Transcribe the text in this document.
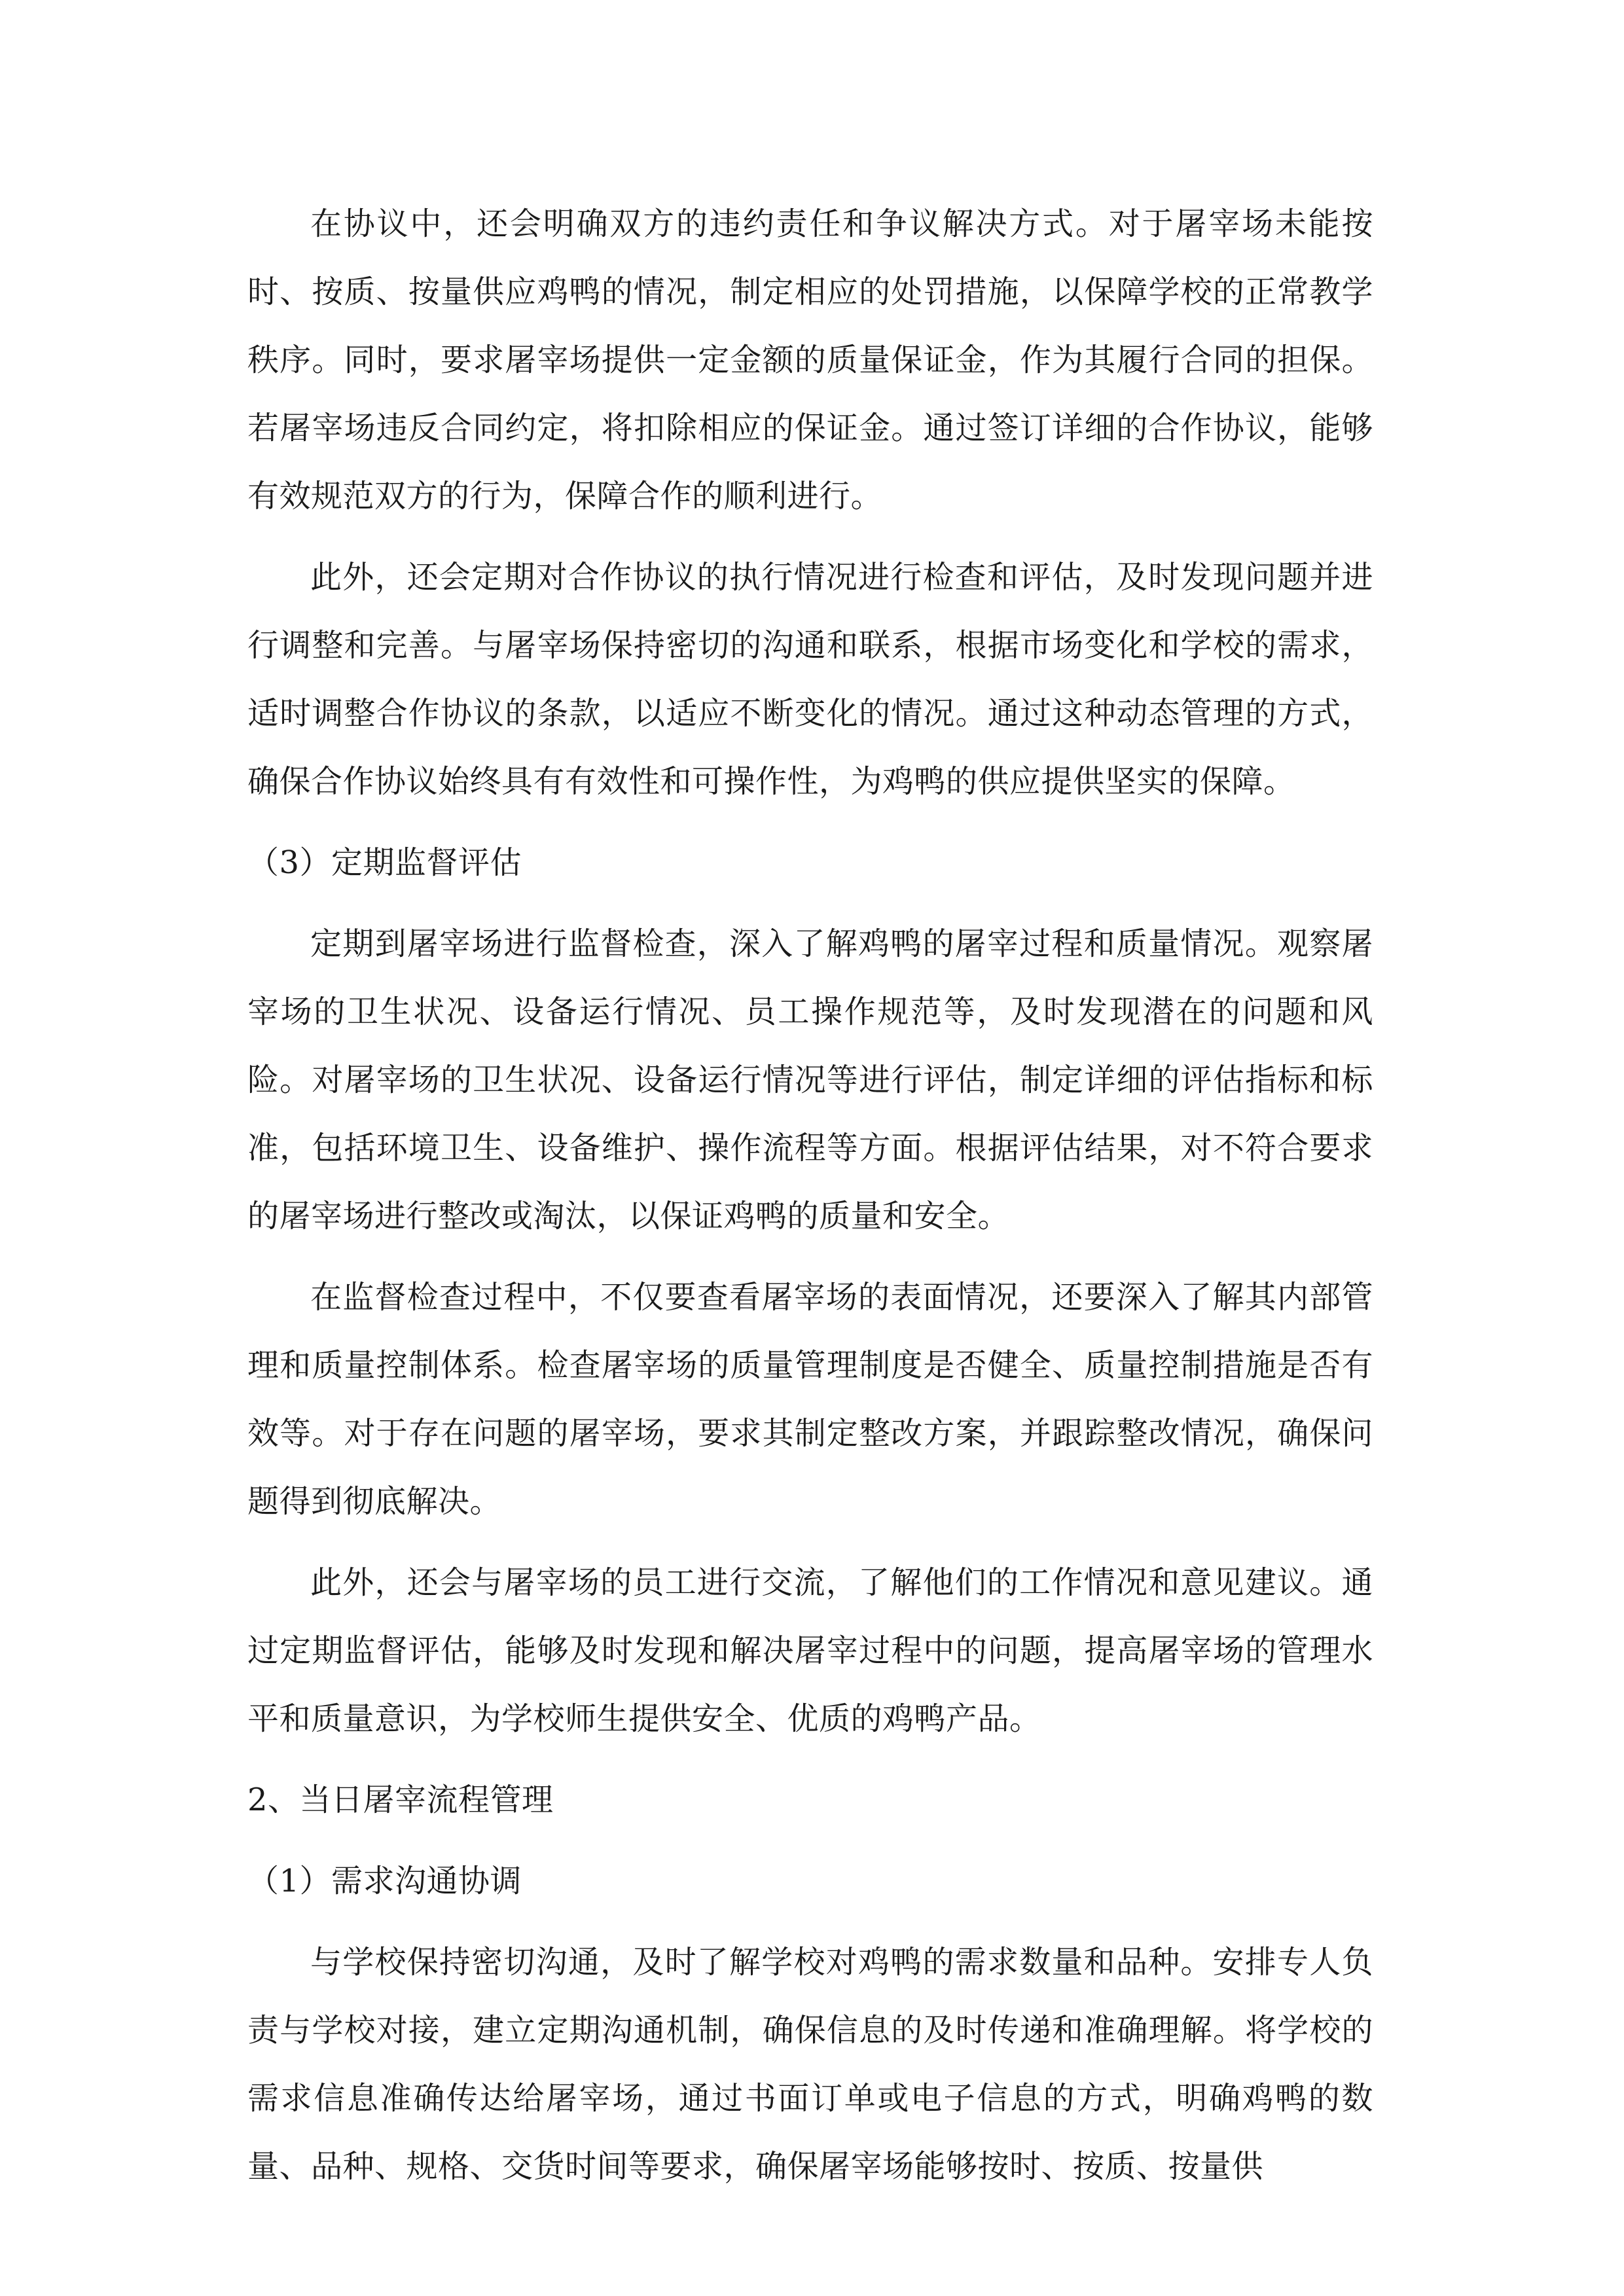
在协议中，还会明确双方的违约责任和争议解决方式。对于屠宰场未能按时、按质、按量供应鸡鸭的情况，制定相应的处罚措施，以保障学校的正常教学秩序。同时，要求屠宰场提供一定金额的质量保证金，作为其履行合同的担保。若屠宰场违反合同约定，将扣除相应的保证金。通过签订详细的合作协议，能够有效规范双方的行为，保障合作的顺利进行。

此外，还会定期对合作协议的执行情况进行检查和评估，及时发现问题并进行调整和完善。与屠宰场保持密切的沟通和联系，根据市场变化和学校的需求，适时调整合作协议的条款，以适应不断变化的情况。通过这种动态管理的方式，确保合作协议始终具有有效性和可操作性，为鸡鸭的供应提供坚实的保障。

（3）定期监督评估

定期到屠宰场进行监督检查，深入了解鸡鸭的屠宰过程和质量情况。观察屠宰场的卫生状况、设备运行情况、员工操作规范等，及时发现潜在的问题和风险。对屠宰场的卫生状况、设备运行情况等进行评估，制定详细的评估指标和标准，包括环境卫生、设备维护、操作流程等方面。根据评估结果，对不符合要求的屠宰场进行整改或淘汰，以保证鸡鸭的质量和安全。

在监督检查过程中，不仅要查看屠宰场的表面情况，还要深入了解其内部管理和质量控制体系。检查屠宰场的质量管理制度是否健全、质量控制措施是否有效等。对于存在问题的屠宰场，要求其制定整改方案，并跟踪整改情况，确保问题得到彻底解决。

此外，还会与屠宰场的员工进行交流，了解他们的工作情况和意见建议。通过定期监督评估，能够及时发现和解决屠宰过程中的问题，提高屠宰场的管理水平和质量意识，为学校师生提供安全、优质的鸡鸭产品。

2、当日屠宰流程管理

（1）需求沟通协调

与学校保持密切沟通，及时了解学校对鸡鸭的需求数量和品种。安排专人负责与学校对接，建立定期沟通机制，确保信息的及时传递和准确理解。将学校的需求信息准确传达给屠宰场，通过书面订单或电子信息的方式，明确鸡鸭的数量、品种、规格、交货时间等要求，确保屠宰场能够按时、按质、按量供
